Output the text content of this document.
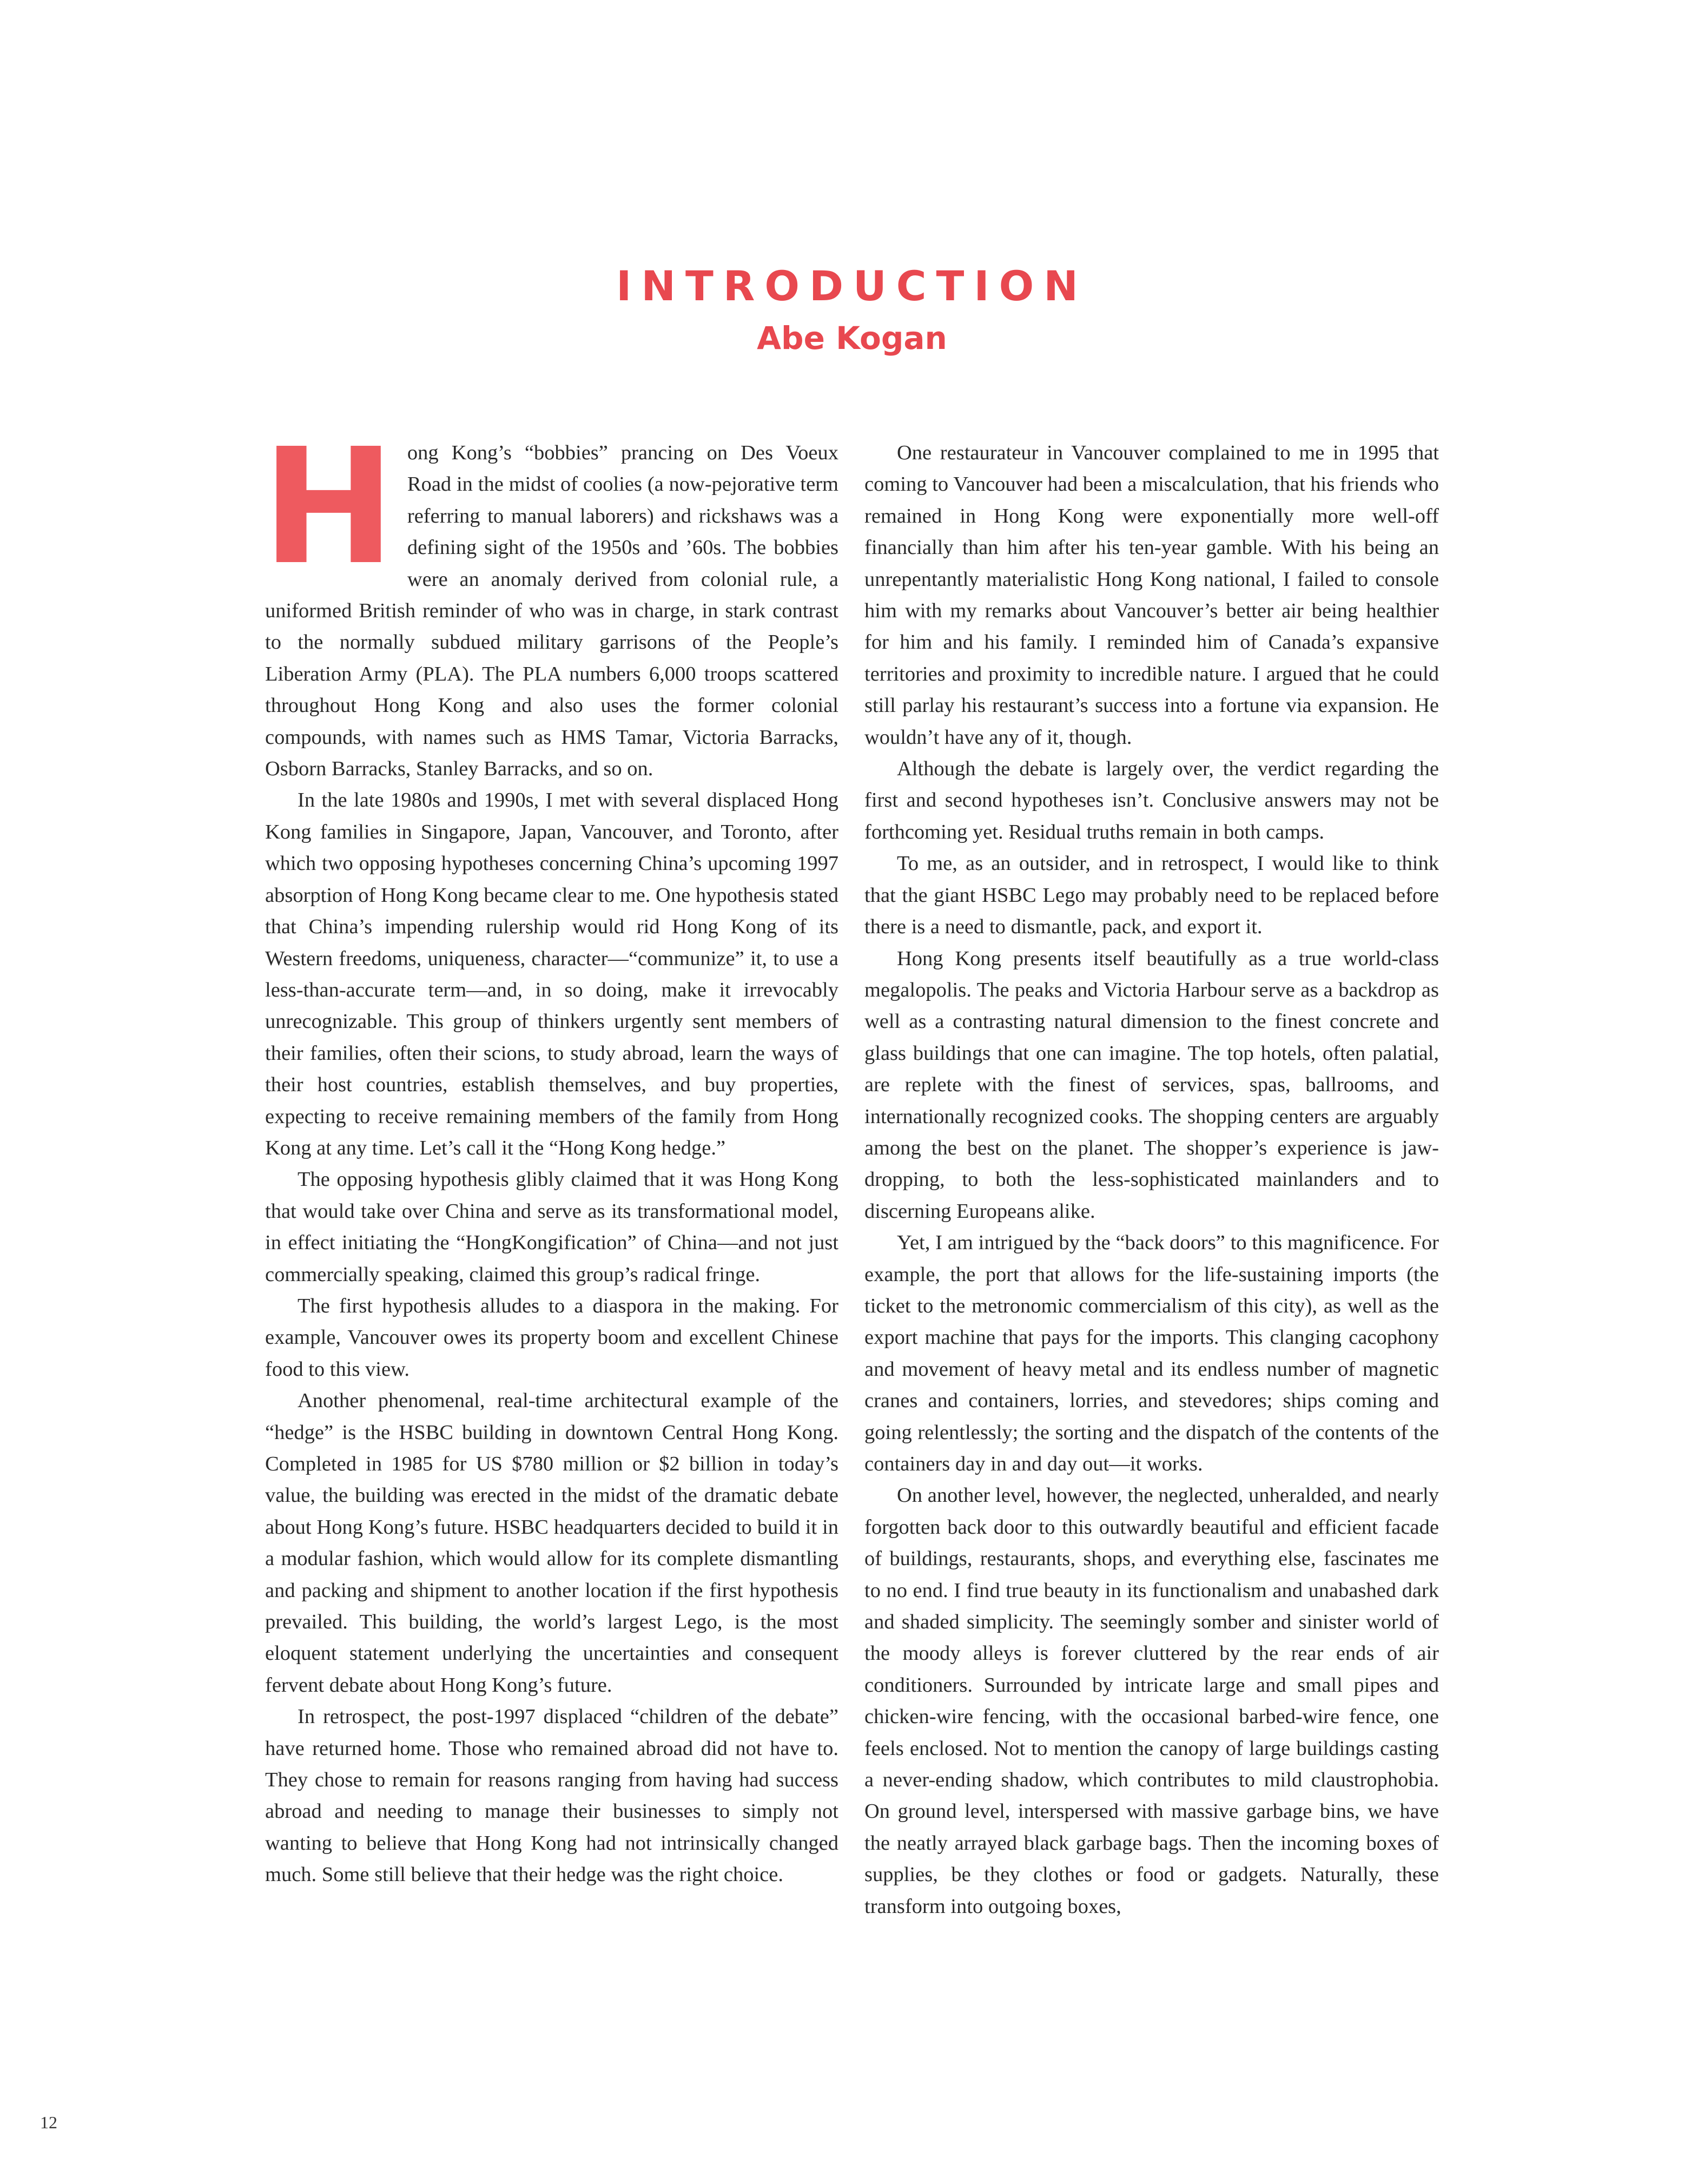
INTRODUCTION
Abe Kogan

Hong Kong’s “bobbies” prancing on Des Voeux Road in the midst of coolies (a now-pejorative term referring to manual laborers) and rickshaws was a defining sight of the 1950s and ’60s. The bobbies were an anomaly derived from colonial rule, a uniformed British reminder of who was in charge, in stark contrast to the normally subdued military garrisons of the People’s Liberation Army (PLA). The PLA numbers 6,000 troops scattered throughout Hong Kong and also uses the former colonial compounds, with names such as HMS Tamar, Victoria Barracks, Osborn Barracks, Stanley Barracks, and so on.

In the late 1980s and 1990s, I met with several displaced Hong Kong families in Singapore, Japan, Vancouver, and Toronto, after which two opposing hypotheses concerning China’s upcoming 1997 absorption of Hong Kong became clear to me. One hypothesis stated that China’s impending rulership would rid Hong Kong of its Western freedoms, uniqueness, character—“communize” it, to use a less-than-accurate term—and, in so doing, make it irrevocably unrecognizable. This group of thinkers urgently sent members of their families, often their scions, to study abroad, learn the ways of their host countries, establish themselves, and buy properties, expecting to receive remaining members of the family from Hong Kong at any time. Let’s call it the “Hong Kong hedge.”

The opposing hypothesis glibly claimed that it was Hong Kong that would take over China and serve as its transformational model, in effect initiating the “HongKongification” of China—and not just commercially speaking, claimed this group’s radical fringe.

The first hypothesis alludes to a diaspora in the making. For example, Vancouver owes its property boom and excellent Chinese food to this view.

Another phenomenal, real-time architectural example of the “hedge” is the HSBC building in downtown Central Hong Kong. Completed in 1985 for US $780 million or $2 billion in today’s value, the building was erected in the midst of the dramatic debate about Hong Kong’s future. HSBC headquarters decided to build it in a modular fashion, which would allow for its complete dismantling and packing and shipment to another location if the first hypothesis prevailed. This building, the world’s largest Lego, is the most eloquent statement underlying the uncertainties and consequent fervent debate about Hong Kong’s future.

In retrospect, the post-1997 displaced “children of the debate” have returned home. Those who remained abroad did not have to. They chose to remain for reasons ranging from having had success abroad and needing to manage their businesses to simply not wanting to believe that Hong Kong had not intrinsically changed much. Some still believe that their hedge was the right choice.

One restaurateur in Vancouver complained to me in 1995 that coming to Vancouver had been a miscalculation, that his friends who remained in Hong Kong were exponentially more well-off financially than him after his ten-year gamble. With his being an unrepentantly materialistic Hong Kong national, I failed to console him with my remarks about Vancouver’s better air being healthier for him and his family. I reminded him of Canada’s expansive territories and proximity to incredible nature. I argued that he could still parlay his restaurant’s success into a fortune via expansion. He wouldn’t have any of it, though.

Although the debate is largely over, the verdict regarding the first and second hypotheses isn’t. Conclusive answers may not be forthcoming yet. Residual truths remain in both camps.

To me, as an outsider, and in retrospect, I would like to think that the giant HSBC Lego may probably need to be replaced before there is a need to dismantle, pack, and export it.

Hong Kong presents itself beautifully as a true world-class megalopolis. The peaks and Victoria Harbour serve as a backdrop as well as a contrasting natural dimension to the finest concrete and glass buildings that one can imagine. The top hotels, often palatial, are replete with the finest of services, spas, ballrooms, and internationally recognized cooks. The shopping centers are arguably among the best on the planet. The shopper’s experience is jaw-dropping, to both the less-sophisticated mainlanders and to discerning Europeans alike.

Yet, I am intrigued by the “back doors” to this magnificence. For example, the port that allows for the life-sustaining imports (the ticket to the metronomic commercialism of this city), as well as the export machine that pays for the imports. This clanging cacophony and movement of heavy metal and its endless number of magnetic cranes and containers, lorries, and stevedores; ships coming and going relentlessly; the sorting and the dispatch of the contents of the containers day in and day out—it works.

On another level, however, the neglected, unheralded, and nearly forgotten back door to this outwardly beautiful and efficient facade of buildings, restaurants, shops, and everything else, fascinates me to no end. I find true beauty in its functionalism and unabashed dark and shaded simplicity. The seemingly somber and sinister world of the moody alleys is forever cluttered by the rear ends of air conditioners. Surrounded by intricate large and small pipes and chicken-wire fencing, with the occasional barbed-wire fence, one feels enclosed. Not to mention the canopy of large buildings casting a never-ending shadow, which contributes to mild claustrophobia. On ground level, interspersed with massive garbage bins, we have the neatly arrayed black garbage bags. Then the incoming boxes of supplies, be they clothes or food or gadgets. Naturally, these transform into outgoing boxes,

12
